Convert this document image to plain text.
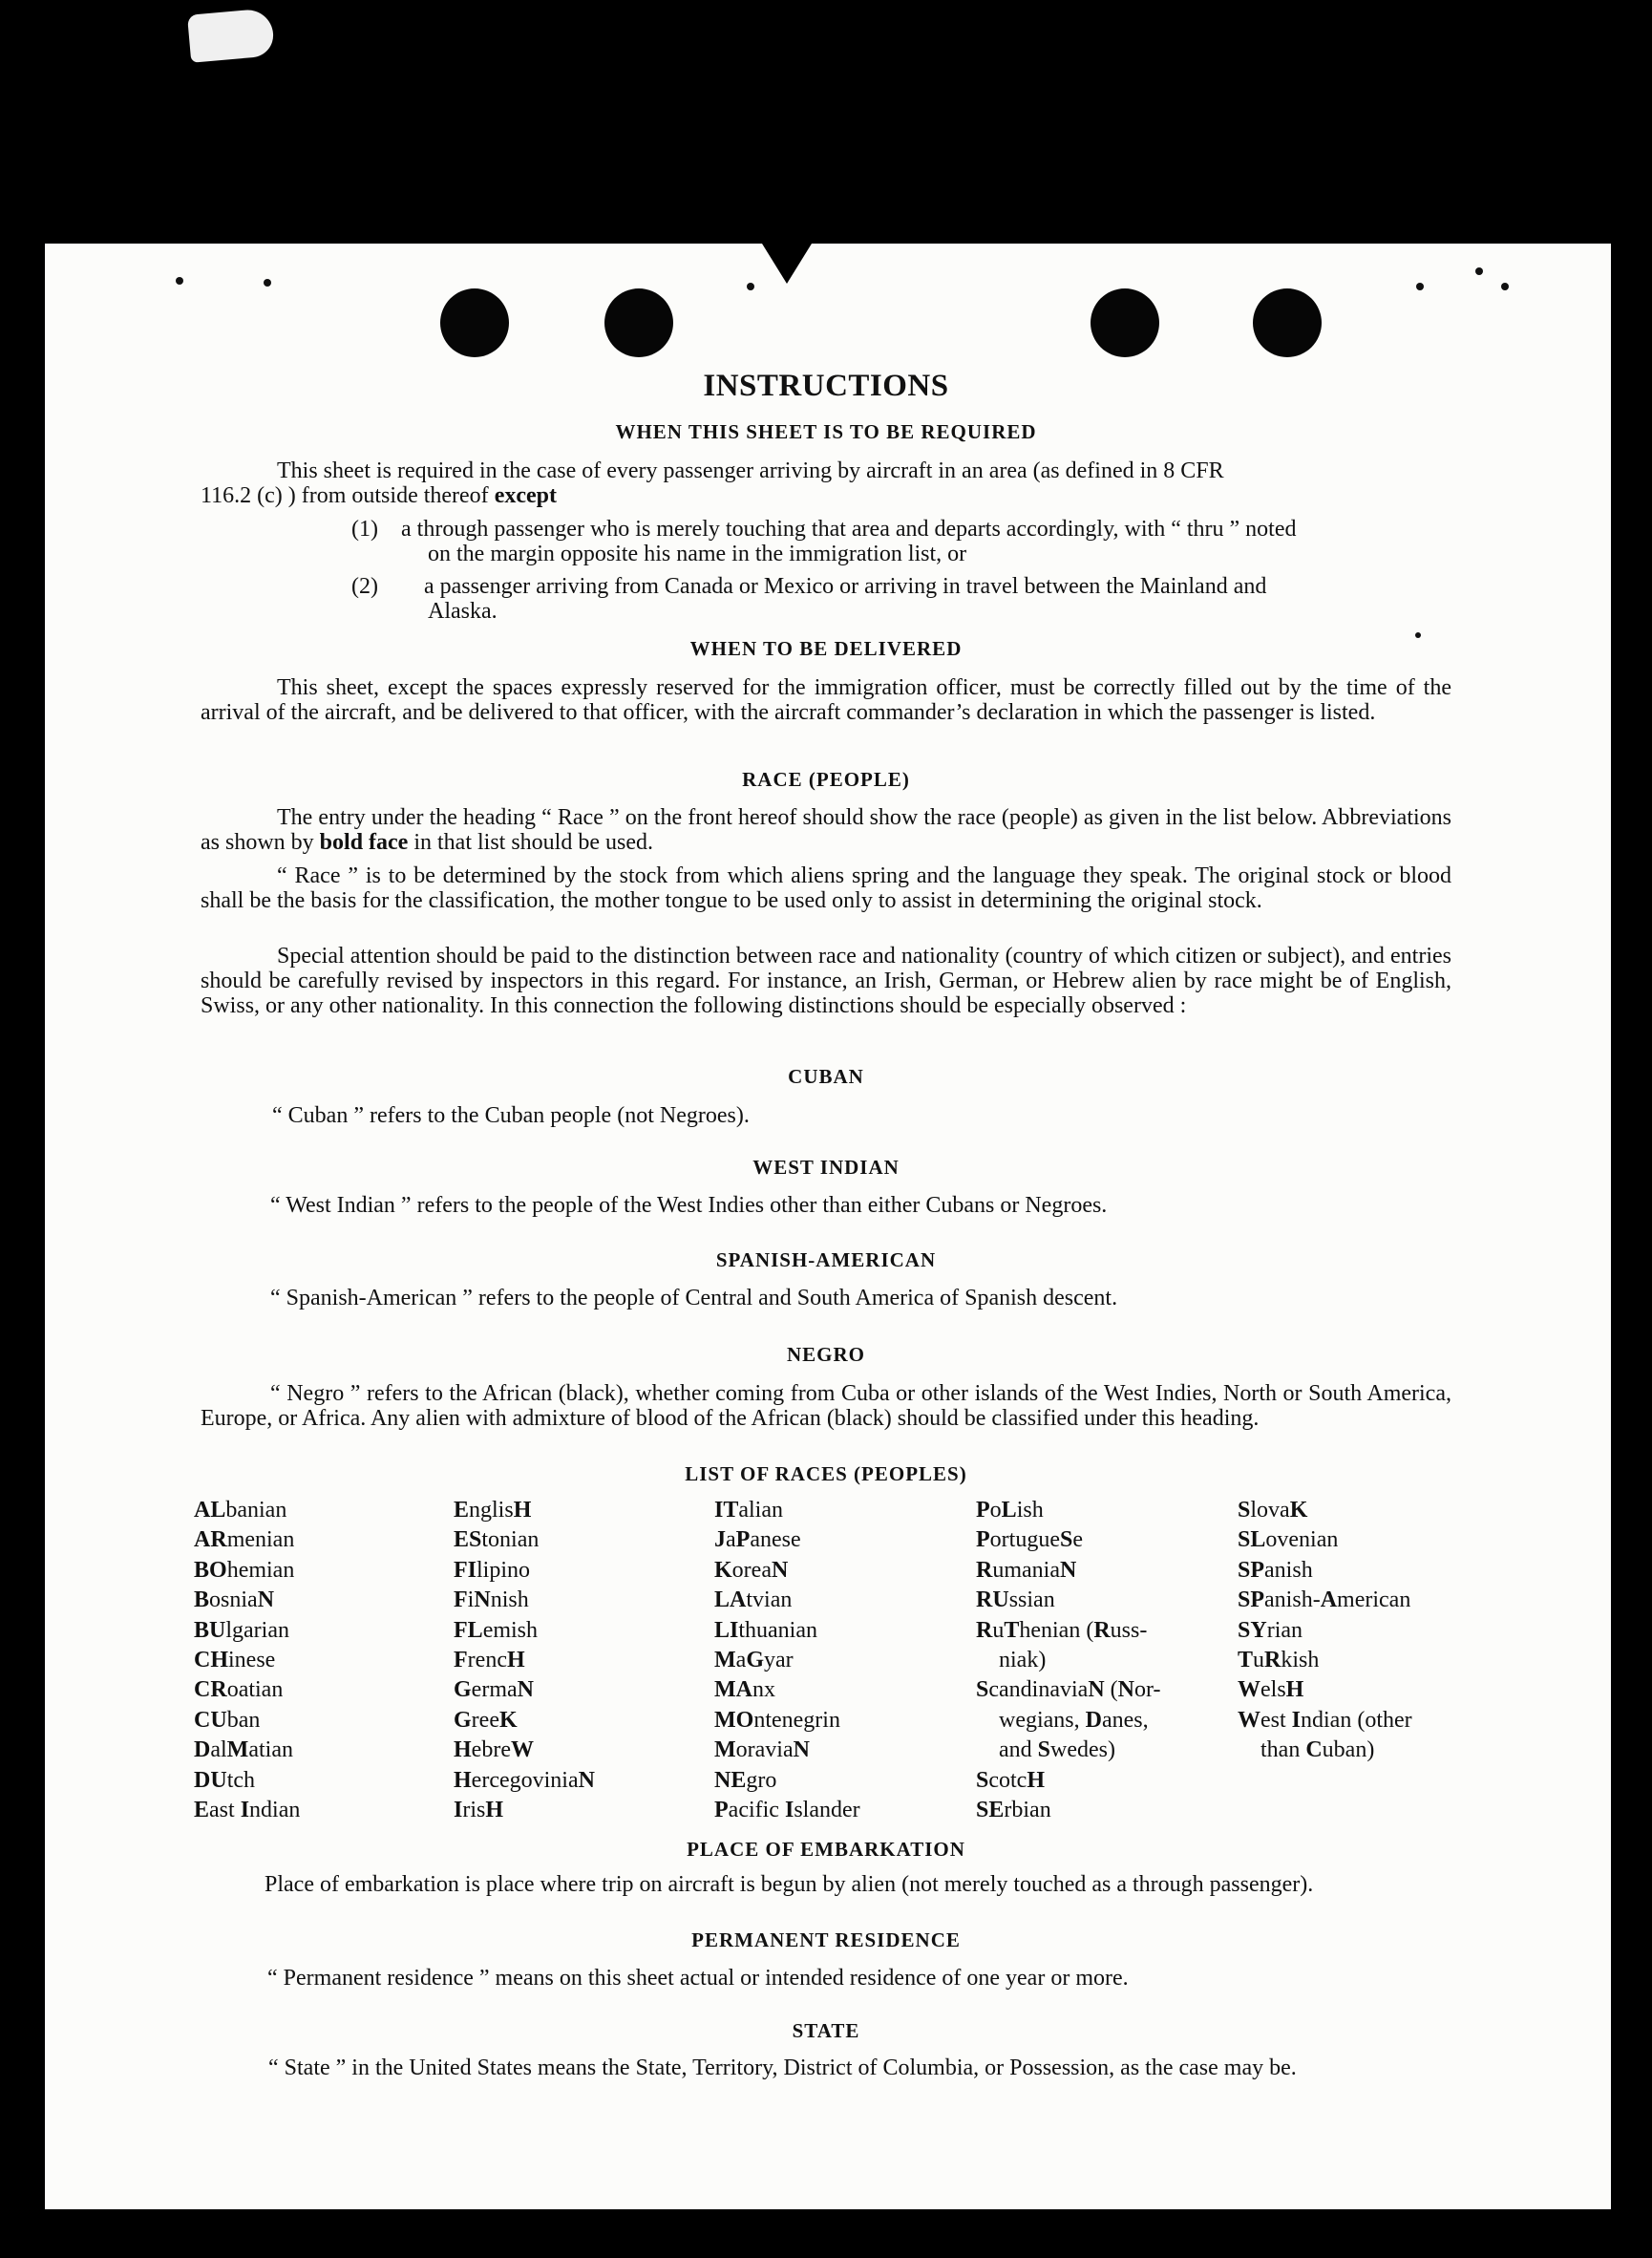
INSTRUCTIONS
WHEN THIS SHEET IS TO BE REQUIRED
This sheet is required in the case of every passenger arriving by aircraft in an area (as defined in 8 CFR
116.2 (c) ) from outside thereof except
(1) a through passenger who is merely touching that area and departs accordingly, with “ thru ” noted
on the margin opposite his name in the immigration list, or
(2) a passenger arriving from Canada or Mexico or arriving in travel between the Mainland and
Alaska.
WHEN TO BE DELIVERED
This sheet, except the spaces expressly reserved for the immigration officer, must be correctly filled out by the time of the arrival of the aircraft, and be delivered to that officer, with the aircraft commander’s declaration in which the passenger is listed.
RACE (PEOPLE)
The entry under the heading “ Race ” on the front hereof should show the race (people) as given in the list below. Abbreviations as shown by bold face in that list should be used.
“ Race ” is to be determined by the stock from which aliens spring and the language they speak. The original stock or blood shall be the basis for the classification, the mother tongue to be used only to assist in determining the original stock.
Special attention should be paid to the distinction between race and nationality (country of which citizen or subject), and entries should be carefully revised by inspectors in this regard. For instance, an Irish, German, or Hebrew alien by race might be of English, Swiss, or any other nationality. In this connection the following distinctions should be especially observed :
CUBAN
“ Cuban ” refers to the Cuban people (not Negroes).
WEST INDIAN
“ West Indian ” refers to the people of the West Indies other than either Cubans or Negroes.
SPANISH-AMERICAN
“ Spanish-American ” refers to the people of Central and South America of Spanish descent.
NEGRO
“ Negro ” refers to the African (black), whether coming from Cuba or other islands of the West Indies, North or South America, Europe, or Africa. Any alien with admixture of blood of the African (black) should be classified under this heading.
LIST OF RACES (PEOPLES)
ALbanian
ARmenian
BOhemian
BosniaN
BUlgarian
CHinese
CRoatian
CUban
DalMatian
DUtch
East Indian
EnglisH
EStonian
FIlipino
FiNnish
FLemish
FrencH
GermaN
GreeK
HebreW
HercegoviniaN
IrisH
ITalian
JaPanese
KoreaN
LAtvian
LIthuanian
MaGyar
MAnx
MOntenegrin
MoraviaN
NEgro
Pacific Islander
PoLish
PortugueSe
RumaniaN
RUssian
RuThenian (Russ-
niak)
ScandinaviaN (Nor-
wegians, Danes,
and Swedes)
ScotcH
SErbian
SlovaK
SLovenian
SPanish
SPanish-American
SYrian
TuRkish
WelsH
West Indian (other
than Cuban)
PLACE OF EMBARKATION
Place of embarkation is place where trip on aircraft is begun by alien (not merely touched as a through passenger).
PERMANENT RESIDENCE
“ Permanent residence ” means on this sheet actual or intended residence of one year or more.
STATE
“ State ” in the United States means the State, Territory, District of Columbia, or Possession, as the case may be.
